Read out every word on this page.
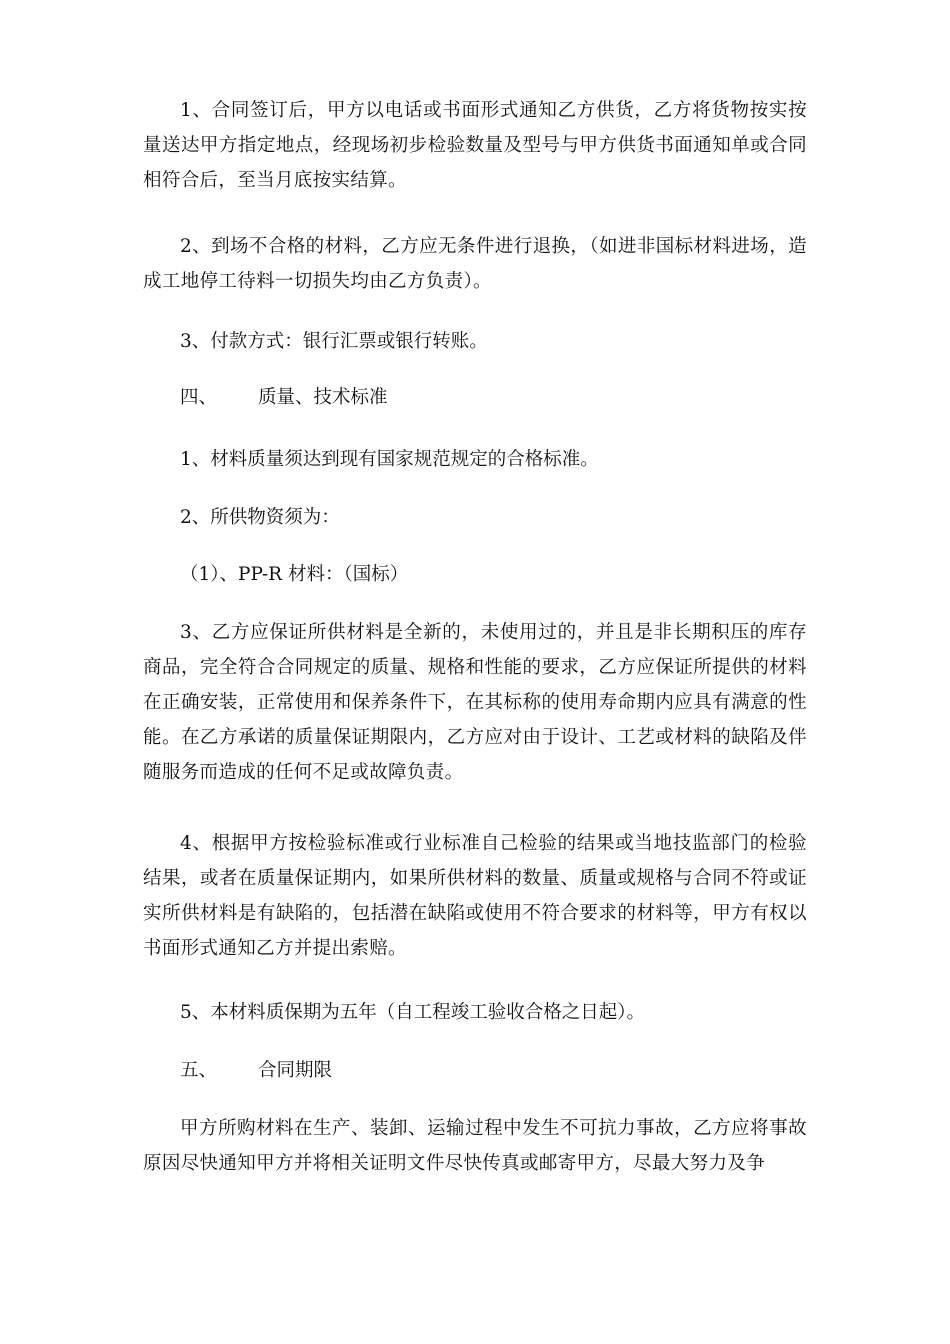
1、合同签订后，甲方以电话或书面形式通知乙方供货，乙方将货物按实按量送达甲方指定地点，经现场初步检验数量及型号与甲方供货书面通知单或合同相符合后，至当月底按实结算。

2、到场不合格的材料，乙方应无条件进行退换，（如进非国标材料进场，造成工地停工待料一切损失均由乙方负责）。

3、付款方式：银行汇票或银行转账。

四、 质量、技术标准

1、材料质量须达到现有国家规范规定的合格标准。

2、所供物资须为：

（1）、PP-R 材料：（国标）

3、乙方应保证所供材料是全新的，未使用过的，并且是非长期积压的库存商品，完全符合合同规定的质量、规格和性能的要求，乙方应保证所提供的材料在正确安装，正常使用和保养条件下，在其标称的使用寿命期内应具有满意的性能。在乙方承诺的质量保证期限内，乙方应对由于设计、工艺或材料的缺陷及伴随服务而造成的任何不足或故障负责。

4、根据甲方按检验标准或行业标准自己检验的结果或当地技监部门的检验结果，或者在质量保证期内，如果所供材料的数量、质量或规格与合同不符或证实所供材料是有缺陷的，包括潜在缺陷或使用不符合要求的材料等，甲方有权以书面形式通知乙方并提出索赔。

5、本材料质保期为五年（自工程竣工验收合格之日起）。

五、 合同期限

甲方所购材料在生产、装卸、运输过程中发生不可抗力事故，乙方应将事故原因尽快通知甲方并将相关证明文件尽快传真或邮寄甲方，尽最大努力及争
